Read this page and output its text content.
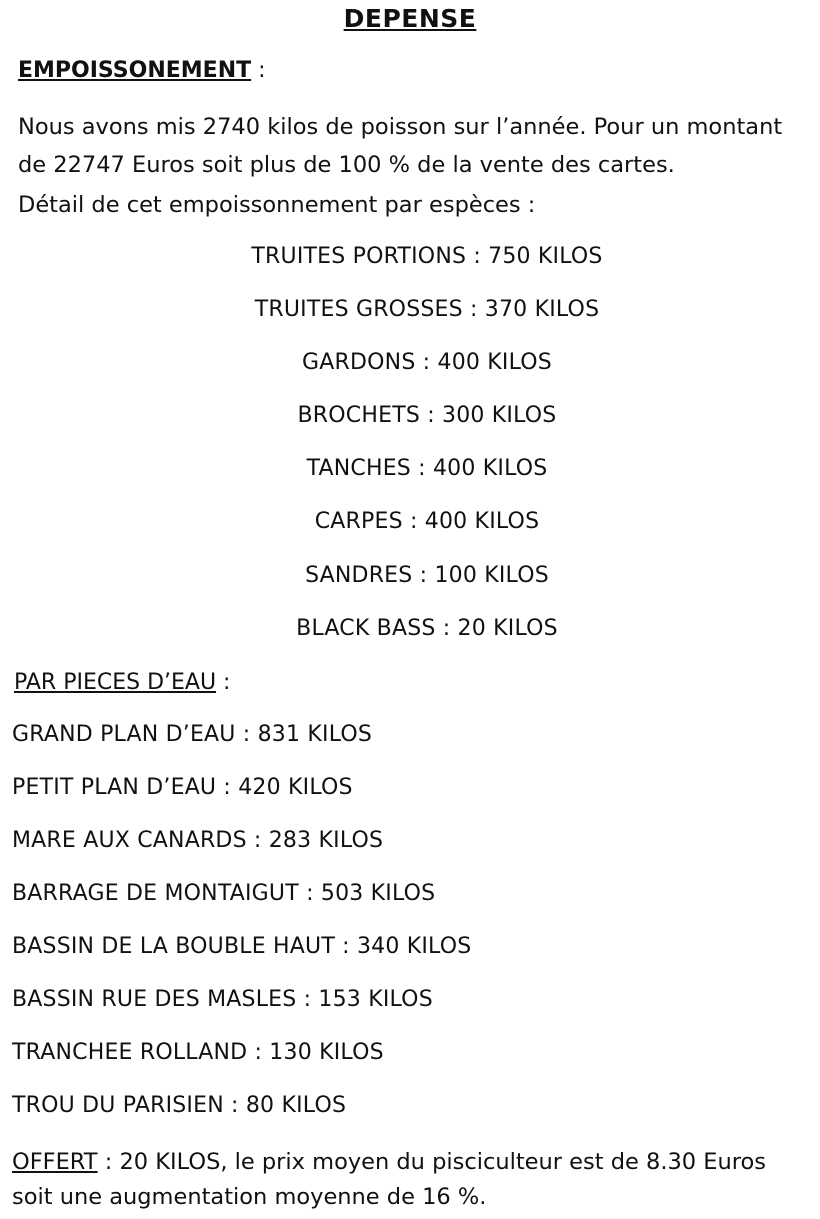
DEPENSE
EMPOISSONEMENT :
Nous avons mis 2740 kilos de poisson sur l’année. Pour un montant
de 22747 Euros soit plus de 100 % de la vente des cartes.
Détail de cet empoissonnement par espèces :
TRUITES PORTIONS : 750 KILOS
TRUITES GROSSES : 370 KILOS
GARDONS : 400 KILOS
BROCHETS : 300 KILOS
TANCHES : 400 KILOS
CARPES : 400 KILOS
SANDRES : 100 KILOS
BLACK BASS : 20 KILOS
PAR PIECES D’EAU :
GRAND PLAN D’EAU : 831 KILOS
PETIT PLAN D’EAU : 420 KILOS
MARE AUX CANARDS : 283 KILOS
BARRAGE DE MONTAIGUT : 503 KILOS
BASSIN DE LA BOUBLE HAUT : 340 KILOS
BASSIN RUE DES MASLES : 153 KILOS
TRANCHEE ROLLAND : 130 KILOS
TROU DU PARISIEN : 80 KILOS
OFFERT : 20 KILOS, le prix moyen du pisciculteur est de 8.30 Euros
soit une augmentation moyenne de 16 %.
